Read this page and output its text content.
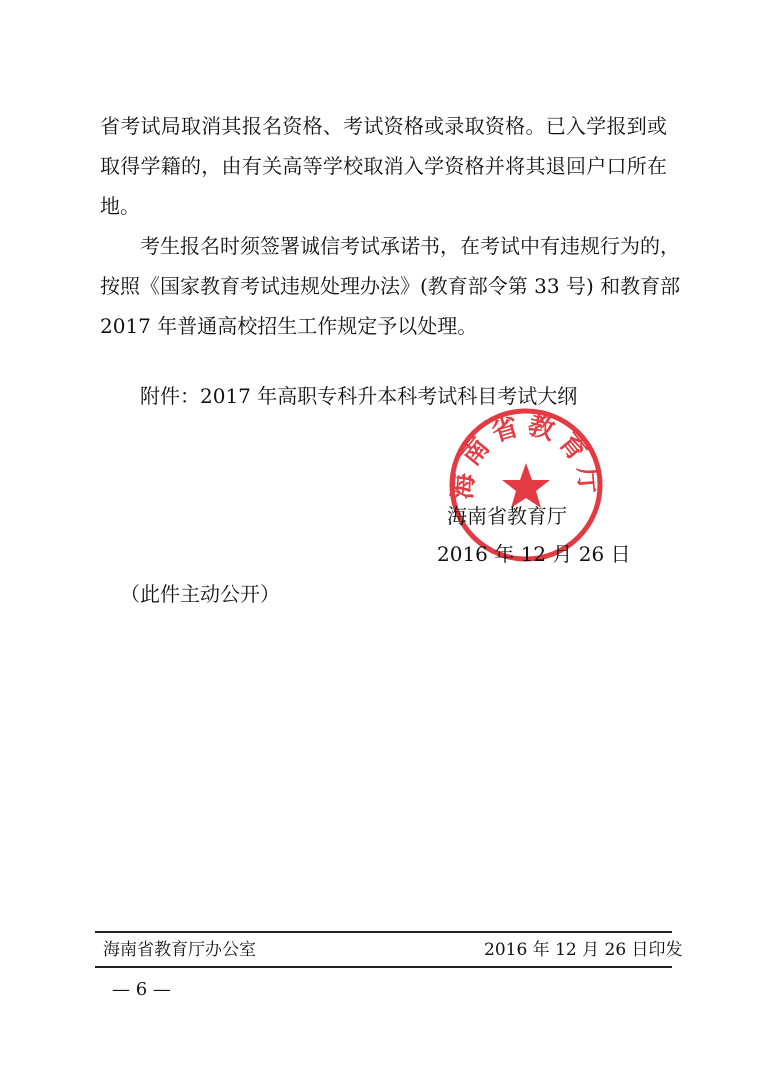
省考试局取消其报名资格、考试资格或录取资格。已入学报到或
取得学籍的，由有关高等学校取消入学资格并将其退回户口所在
地。
考生报名时须签署诚信考试承诺书，在考试中有违规行为的，
按照《国家教育考试违规处理办法》(教育部令第 33 号) 和教育部
2017 年普通高校招生工作规定予以处理。
附件：2017 年高职专科升本科考试科目考试大纲
海南省教育厅
海南省教育厅
2016 年 12 月 26 日
（此件主动公开）
海南省教育厅办公室	2016 年 12 月 26 日印发
— 6 —
